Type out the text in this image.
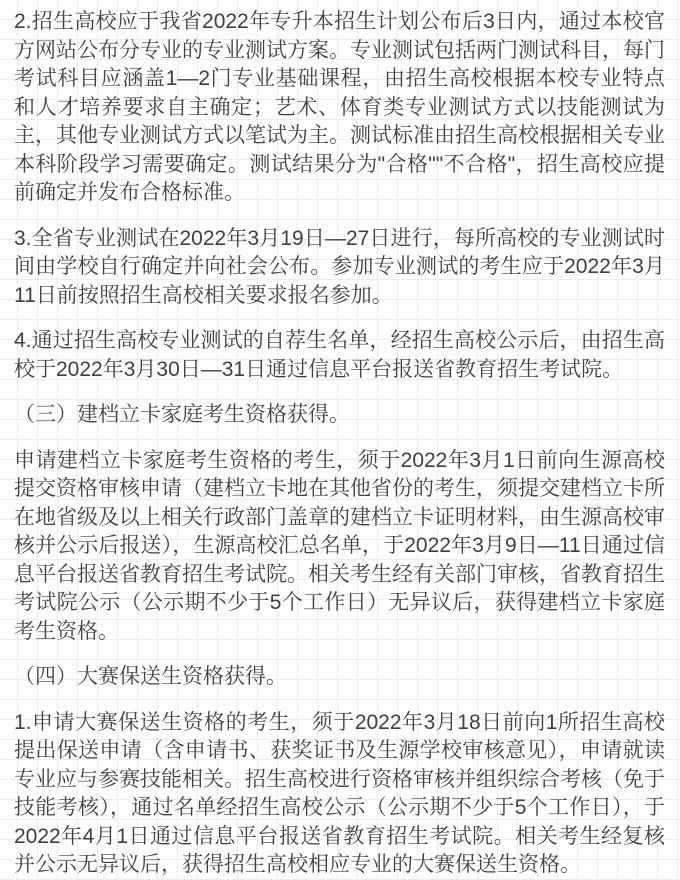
2.招生高校应于我省2022年专升本招生计划公布后3日内，通过本校官方网站公布分专业的专业测试方案。专业测试包括两门测试科目，每门考试科目应涵盖1—2门专业基础课程，由招生高校根据本校专业特点和人才培养要求自主确定；艺术、体育类专业测试方式以技能测试为主，其他专业测试方式以笔试为主。测试标准由招生高校根据相关专业本科阶段学习需要确定。测试结果分为"合格""不合格"，招生高校应提前确定并发布合格标准。

3.全省专业测试在2022年3月19日—27日进行，每所高校的专业测试时间由学校自行确定并向社会公布。参加专业测试的考生应于2022年3月11日前按照招生高校相关要求报名参加。

4.通过招生高校专业测试的自荐生名单，经招生高校公示后，由招生高校于2022年3月30日—31日通过信息平台报送省教育招生考试院。

（三）建档立卡家庭考生资格获得。

申请建档立卡家庭考生资格的考生，须于2022年3月1日前向生源高校提交资格审核申请（建档立卡地在其他省份的考生，须提交建档立卡所在地省级及以上相关行政部门盖章的建档立卡证明材料，由生源高校审核并公示后报送），生源高校汇总名单，于2022年3月9日—11日通过信息平台报送省教育招生考试院。相关考生经有关部门审核，省教育招生考试院公示（公示期不少于5个工作日）无异议后，获得建档立卡家庭考生资格。

（四）大赛保送生资格获得。

1.申请大赛保送生资格的考生，须于2022年3月18日前向1所招生高校提出保送申请（含申请书、获奖证书及生源学校审核意见），申请就读专业应与参赛技能相关。招生高校进行资格审核并组织综合考核（免于技能考核），通过名单经招生高校公示（公示期不少于5个工作日），于2022年4月1日通过信息平台报送省教育招生考试院。相关考生经复核并公示无异议后，获得招生高校相应专业的大赛保送生资格。
